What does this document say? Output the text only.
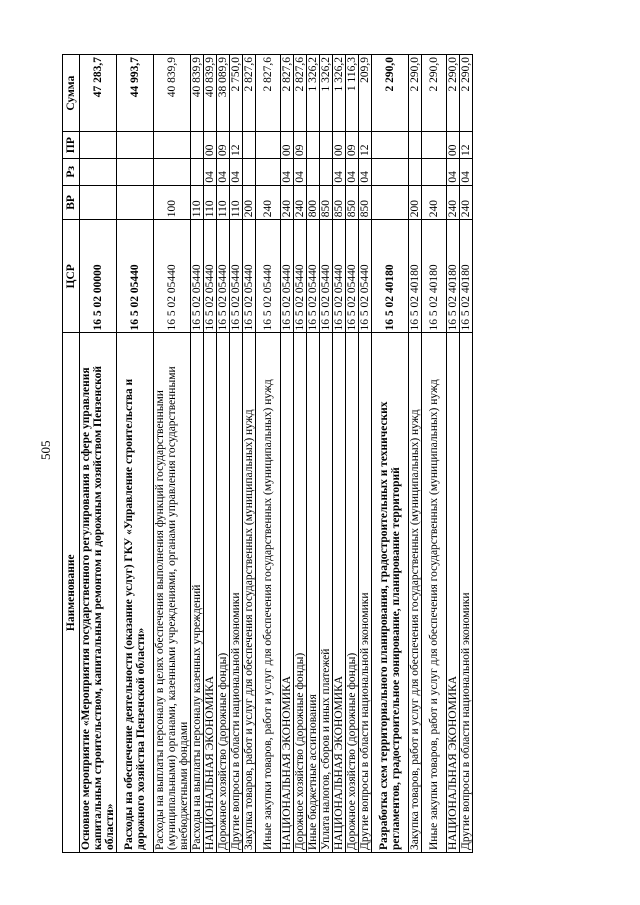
505
Наименование	ЦСР	ВР	Рз	ПР	Сумма
Основное мероприятие «Мероприятия государственного регулирования в сфере управления капитальным строительством, капитальным ремонтом и дорожным хозяйством Пензенской области»	16 5 02 00000				47 283,7
Расходы на обеспечение деятельности (оказание услуг) ГКУ «Управление строительства и дорожного хозяйства Пензенской области»	16 5 02 05440				44 993,7
Расходы на выплаты персоналу в целях обеспечения выполнения функций государственными (муниципальными) органами, казенными учреждениями, органами управления государственными внебюджетными фондами	16 5 02 05440	100			40 839,9
Расходы на выплаты персоналу казенных учреждений	16 5 02 05440	110			40 839,9
НАЦИОНАЛЬНАЯ ЭКОНОМИКА	16 5 02 05440	110	04	00	40 839,9
Дорожное хозяйство (дорожные фонды)	16 5 02 05440	110	04	09	38 089,9
Другие вопросы в области национальной экономики	16 5 02 05440	110	04	12	2 750,0
Закупка товаров, работ и услуг для обеспечения государственных (муниципальных) нужд	16 5 02 05440	200			2 827,6
Иные закупки товаров, работ и услуг для обеспечения государственных (муниципальных) нужд	16 5 02 05440	240			2 827,6
НАЦИОНАЛЬНАЯ ЭКОНОМИКА	16 5 02 05440	240	04	00	2 827,6
Дорожное хозяйство (дорожные фонды)	16 5 02 05440	240	04	09	2 827,6
Иные бюджетные ассигнования	16 5 02 05440	800			1 326,2
Уплата налогов, сборов и иных платежей	16 5 02 05440	850			1 326,2
НАЦИОНАЛЬНАЯ ЭКОНОМИКА	16 5 02 05440	850	04	00	1 326,2
Дорожное хозяйство (дорожные фонды)	16 5 02 05440	850	04	09	1 116,3
Другие вопросы в области национальной экономики	16 5 02 05440	850	04	12	209,9
Разработка схем территориального планирования, градостроительных и технических регламентов, градостроительное зонирование, планирование территорий	16 5 02 40180				2 290,0
Закупка товаров, работ и услуг для обеспечения государственных (муниципальных) нужд	16 5 02 40180	200			2 290,0
Иные закупки товаров, работ и услуг для обеспечения государственных (муниципальных) нужд	16 5 02 40180	240			2 290,0
НАЦИОНАЛЬНАЯ ЭКОНОМИКА	16 5 02 40180	240	04	00	2 290,0
Другие вопросы в области национальной экономики	16 5 02 40180	240	04	12	2 290,0
